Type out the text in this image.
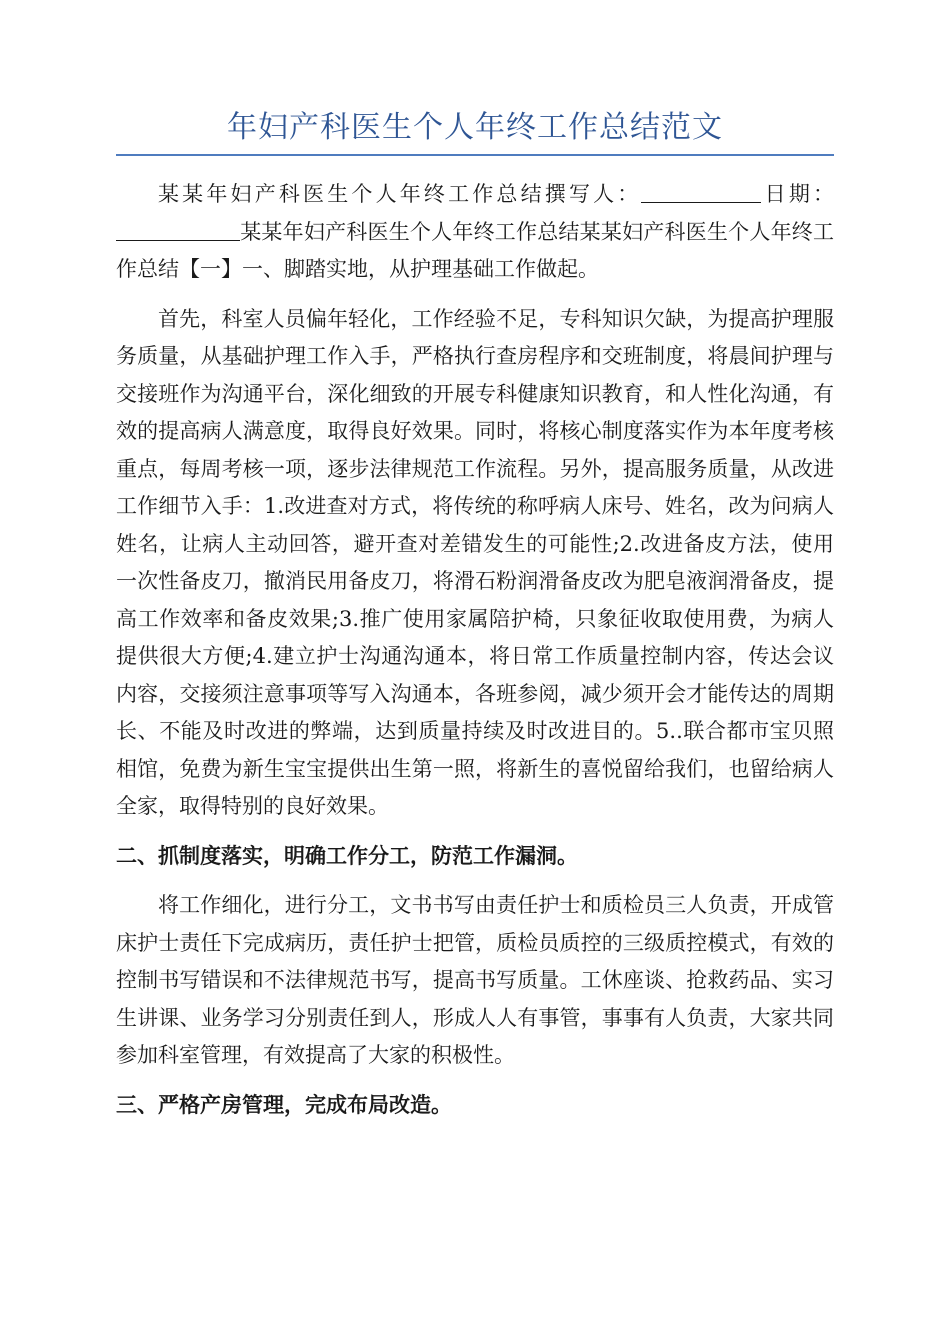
年妇产科医生个人年终工作总结范文

某某年妇产科医生个人年终工作总结撰写人：	日期：某某年妇产科医生个人年终工作总结某某妇产科医生个人年终工作总结【一】一、脚踏实地，从护理基础工作做起。

首先，科室人员偏年轻化，工作经验不足，专科知识欠缺，为提高护理服务质量，从基础护理工作入手，严格执行查房程序和交班制度，将晨间护理与交接班作为沟通平台，深化细致的开展专科健康知识教育，和人性化沟通，有效的提高病人满意度，取得良好效果。同时，将核心制度落实作为本年度考核重点，每周考核一项，逐步法律规范工作流程。另外，提高服务质量，从改进工作细节入手：1.改进查对方式，将传统的称呼病人床号、姓名，改为问病人姓名，让病人主动回答，避开查对差错发生的可能性;2.改进备皮方法，使用一次性备皮刀，撤消民用备皮刀，将滑石粉润滑备皮改为肥皂液润滑备皮，提高工作效率和备皮效果;3.推广使用家属陪护椅，只象征收取使用费，为病人提供很大方便;4.建立护士沟通沟通本，将日常工作质量控制内容，传达会议内容，交接须注意事项等写入沟通本，各班参阅，减少须开会才能传达的周期长、不能及时改进的弊端，达到质量持续及时改进目的。5..联合都市宝贝照相馆，免费为新生宝宝提供出生第一照，将新生的喜悦留给我们，也留给病人全家，取得特别的良好效果。

二、抓制度落实，明确工作分工，防范工作漏洞。

将工作细化，进行分工，文书书写由责任护士和质检员三人负责，开成管床护士责任下完成病历，责任护士把管，质检员质控的三级质控模式，有效的控制书写错误和不法律规范书写，提高书写质量。工休座谈、抢救药品、实习生讲课、业务学习分别责任到人，形成人人有事管，事事有人负责，大家共同参加科室管理，有效提高了大家的积极性。

三、严格产房管理，完成布局改造。
